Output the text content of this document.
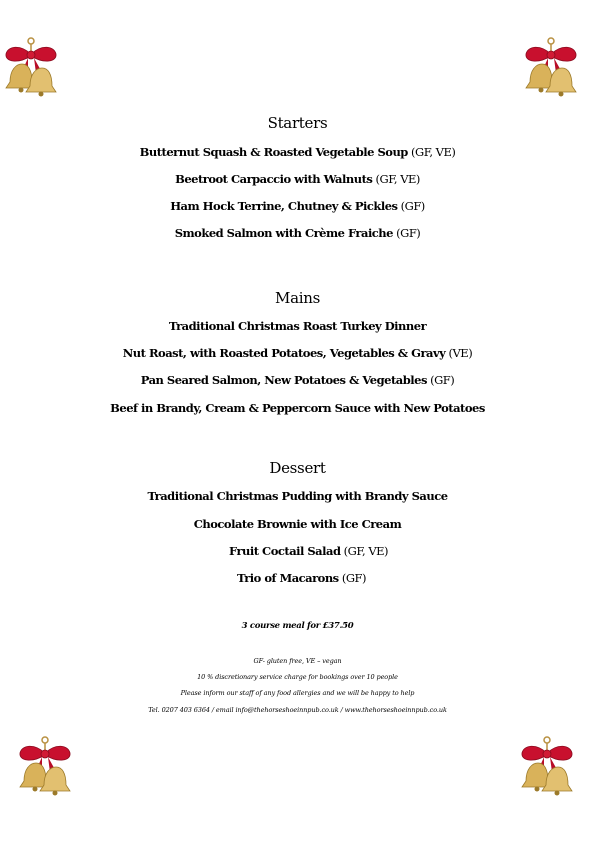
Starters
Butternut Squash & Roasted Vegetable Soup (GF, VE)
Beetroot Carpaccio with Walnuts (GF, VE)
Ham Hock Terrine, Chutney & Pickles (GF)
Smoked Salmon with Crème Fraiche (GF)
Mains
Traditional Christmas Roast Turkey Dinner
Nut Roast, with Roasted Potatoes, Vegetables & Gravy (VE)
Pan Seared Salmon, New Potatoes & Vegetables (GF)
Beef in Brandy, Cream & Peppercorn Sauce with New Potatoes
Dessert
Traditional Christmas Pudding with Brandy Sauce
Chocolate Brownie with Ice Cream
Fruit Coctail Salad (GF, VE)
Trio of Macarons (GF)
3 course meal for £37.50
GF- gluten free, VE – vegan
10 % discretionary service charge for bookings over 10 people
Please inform our staff of any food allergies and we will be happy to help
Tel. 0207 403 6364 / email info@thehorseshoeinnpub.co.uk / www.thehorseshoeinnpub.co.uk
